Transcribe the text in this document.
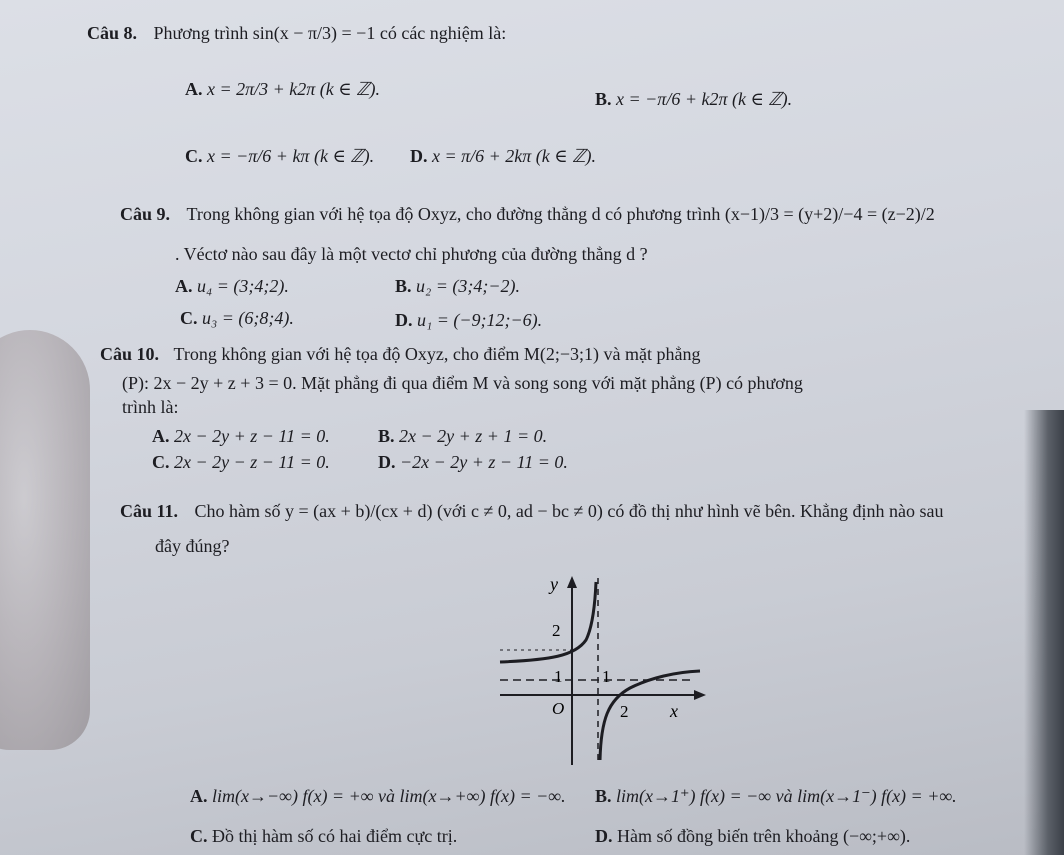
Câu 8. Phương trình sin(x − π/3) = −1 có các nghiệm là:
A. x = 2π/3 + k2π (k ∈ ℤ).	B. x = −π/6 + k2π (k ∈ ℤ).
C. x = −π/6 + kπ (k ∈ ℤ). D. x = π/6 + 2kπ (k ∈ ℤ).
Câu 9. Trong không gian với hệ tọa độ Oxyz, cho đường thẳng d có phương trình (x−1)/3 = (y+2)/−4 = (z−2)/2
. Véctơ nào sau đây là một vectơ chỉ phương của đường thẳng d ?
A. u₄ = (3;4;2).	B. u₂ = (3;4;−2).
C. u₃ = (6;8;4).	D. u₁ = (−9;12;−6).
Câu 10. Trong không gian với hệ tọa độ Oxyz, cho điểm M(2;−3;1) và mặt phẳng
(P): 2x − 2y + z + 3 = 0. Mặt phẳng đi qua điểm M và song song với mặt phẳng (P) có phương
trình là:
A. 2x − 2y + z − 11 = 0.	B. 2x − 2y + z + 1 = 0.
C. 2x − 2y − z − 11 = 0.	D. −2x − 2y + z − 11 = 0.
Câu 11. Cho hàm số y = (ax + b)/(cx + d) (với c ≠ 0, ad − bc ≠ 0) có đồ thị như hình vẽ bên. Khẳng định nào sau
đây đúng?
y
2
1 1
O	2 x
A. lim(x→−∞) f(x) = +∞ và lim(x→+∞) f(x) = −∞. B. lim(x→1⁺) f(x) = −∞ và lim(x→1⁻) f(x) = +∞.
C. Đồ thị hàm số có hai điểm cực trị.	D. Hàm số đồng biến trên khoảng (−∞;+∞).
